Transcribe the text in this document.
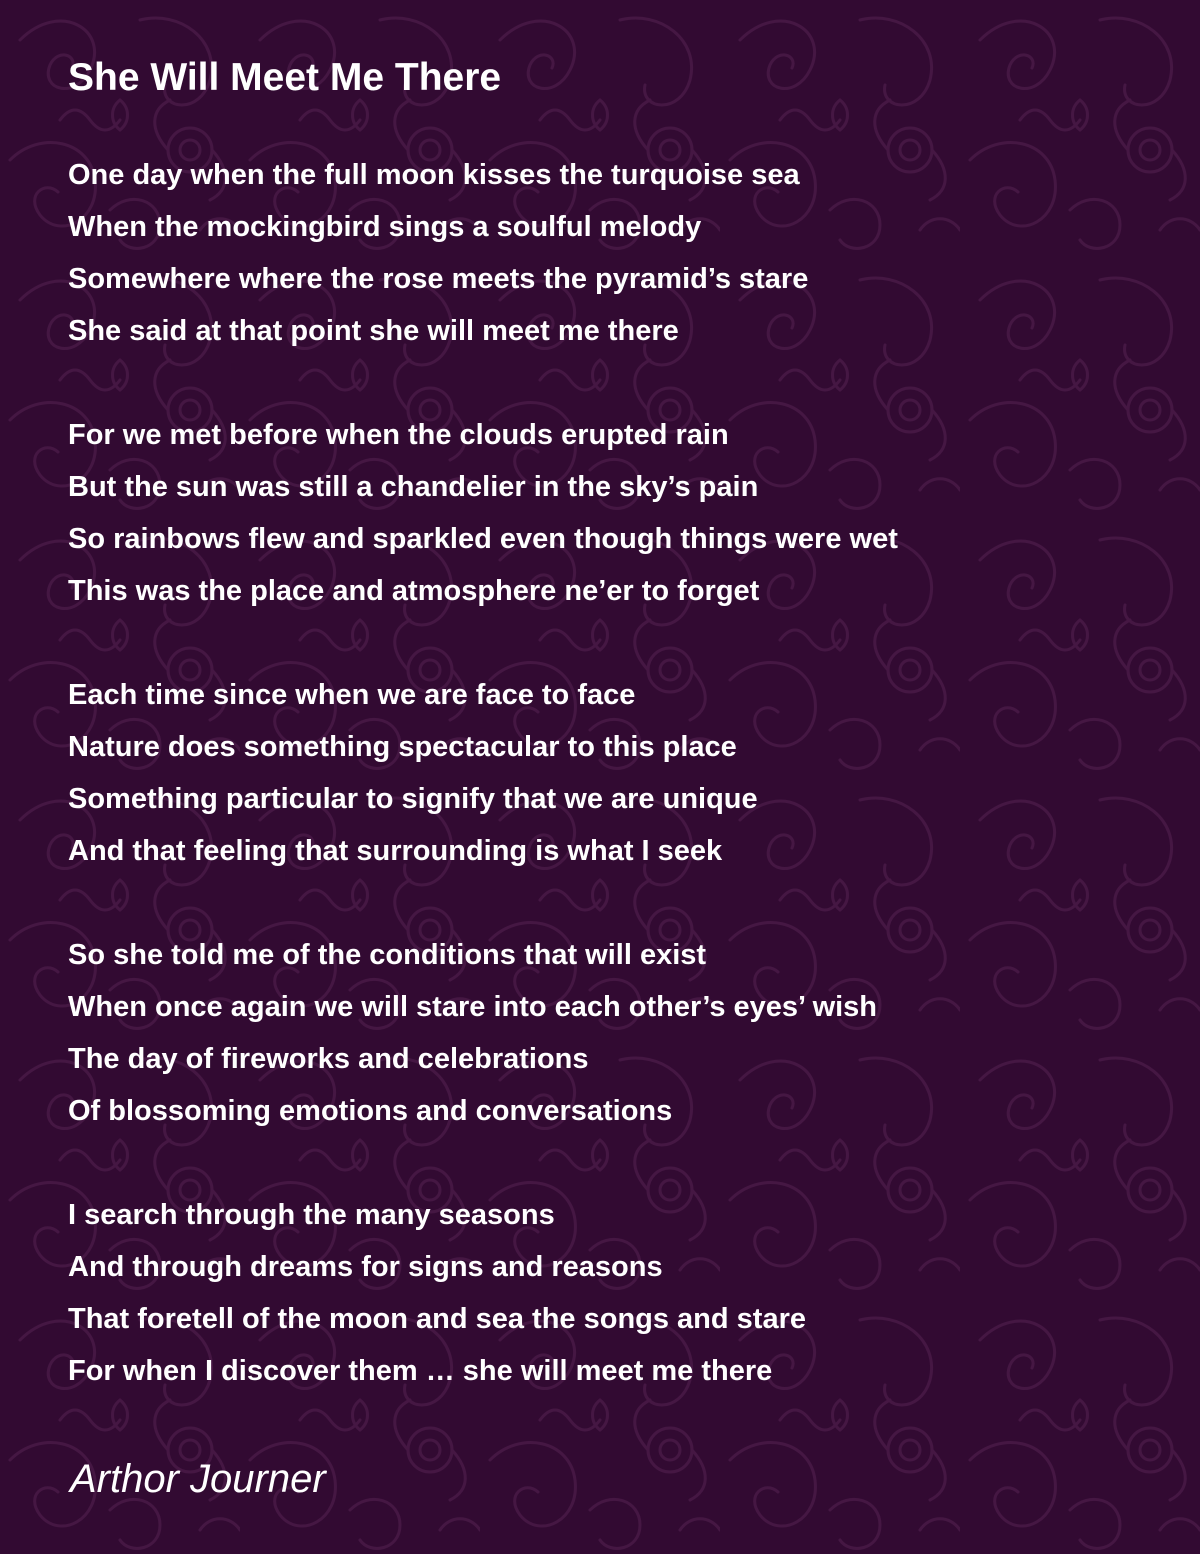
She Will Meet Me There
One day when the full moon kisses the turquoise sea
When the mockingbird sings a soulful melody
Somewhere where the rose meets the pyramid’s stare
She said at that point she will meet me there
For we met before when the clouds erupted rain
But the sun was still a chandelier in the sky’s pain
So rainbows flew and sparkled even though things were wet
This was the place and atmosphere ne’er to forget
Each time since when we are face to face
Nature does something spectacular to this place
Something particular to signify that we are unique
And that feeling that surrounding is what I seek
So she told me of the conditions that will exist
When once again we will stare into each other’s eyes’ wish
The day of fireworks and celebrations
Of blossoming emotions and conversations
I search through the many seasons
And through dreams for signs and reasons
That foretell of the moon and sea the songs and stare
For when I discover them … she will meet me there
Arthor Journer
